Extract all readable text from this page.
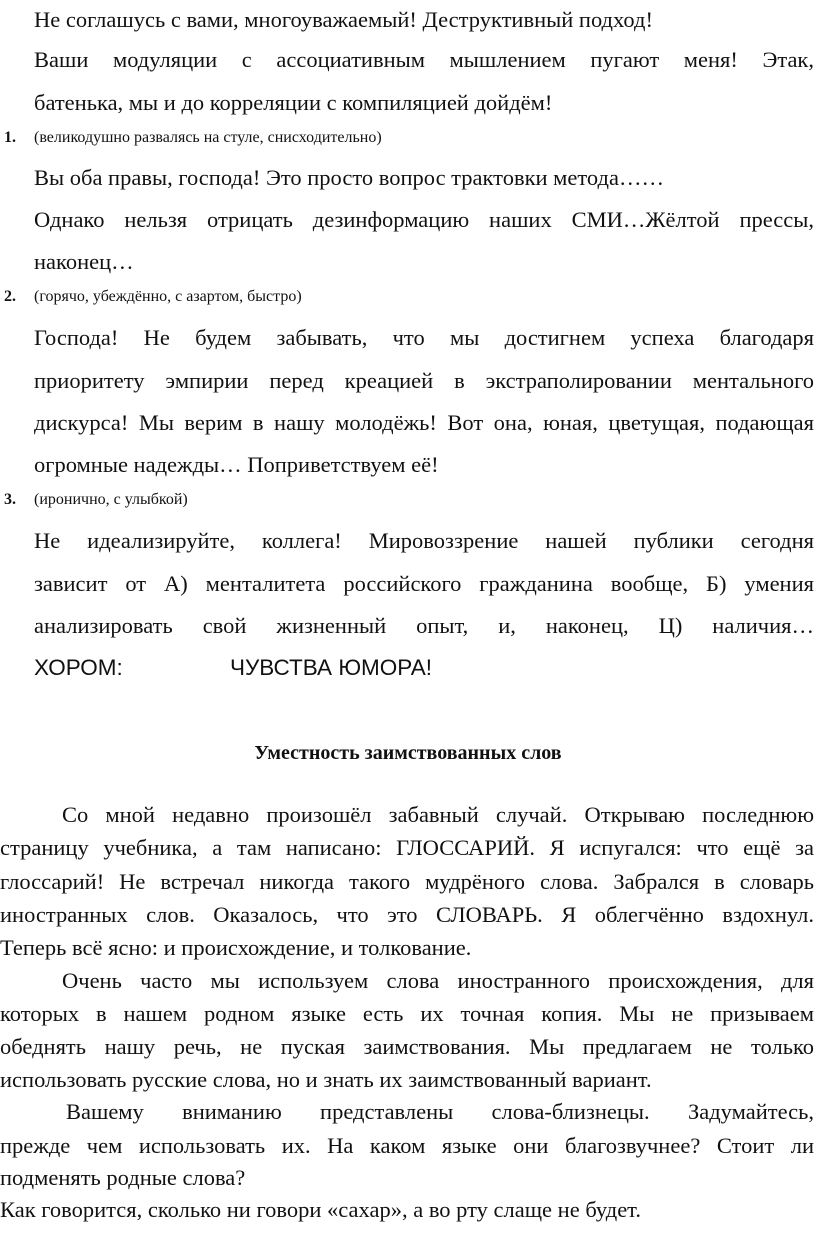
Не соглашусь с вами, многоуважаемый! Деструктивный подход!
Ваши модуляции с ассоциативным мышлением пугают меня! Этак,
батенька, мы и до корреляции с компиляцией дойдём!
1. (великодушно развалясь на стуле, снисходительно)
Вы оба правы, господа! Это просто вопрос трактовки метода……
Однако нельзя отрицать дезинформацию наших СМИ…Жёлтой прессы,
наконец…
2. (горячо, убеждённо, с азартом, быстро)
Господа! Не будем забывать, что мы достигнем успеха благодаря
приоритету эмпирии перед креацией в экстраполировании ментального
дискурса! Мы верим в нашу молодёжь! Вот она, юная, цветущая, подающая
огромные надежды… Поприветствуем её!
3. (иронично, с улыбкой)
Не идеализируйте, коллега! Мировоззрение нашей публики сегодня
зависит от А) менталитета российского гражданина вообще, Б) умения
анализировать свой жизненный опыт, и, наконец, Ц) наличия…
ХОРОМ:	ЧУВСТВА ЮМОРА!
Уместность заимствованных слов
Со мной недавно произошёл забавный случай. Открываю последнюю
страницу учебника, а там написано: ГЛОССАРИЙ. Я испугался: что ещё за
глоссарий! Не встречал никогда такого мудрёного слова. Забрался в словарь
иностранных слов. Оказалось, что это СЛОВАРЬ. Я облегчённо вздохнул.
Теперь всё ясно: и происхождение, и толкование.
Очень часто мы используем слова иностранного происхождения, для
которых в нашем родном языке есть их точная копия. Мы не призываем
обеднять нашу речь, не пуская заимствования. Мы предлагаем не только
использовать русские слова, но и знать их заимствованный вариант.
Вашему вниманию представлены слова-близнецы. Задумайтесь,
прежде чем использовать их. На каком языке они благозвучнее? Стоит ли
подменять родные слова?
Как говорится, сколько ни говори «сахар», а во рту слаще не будет.
